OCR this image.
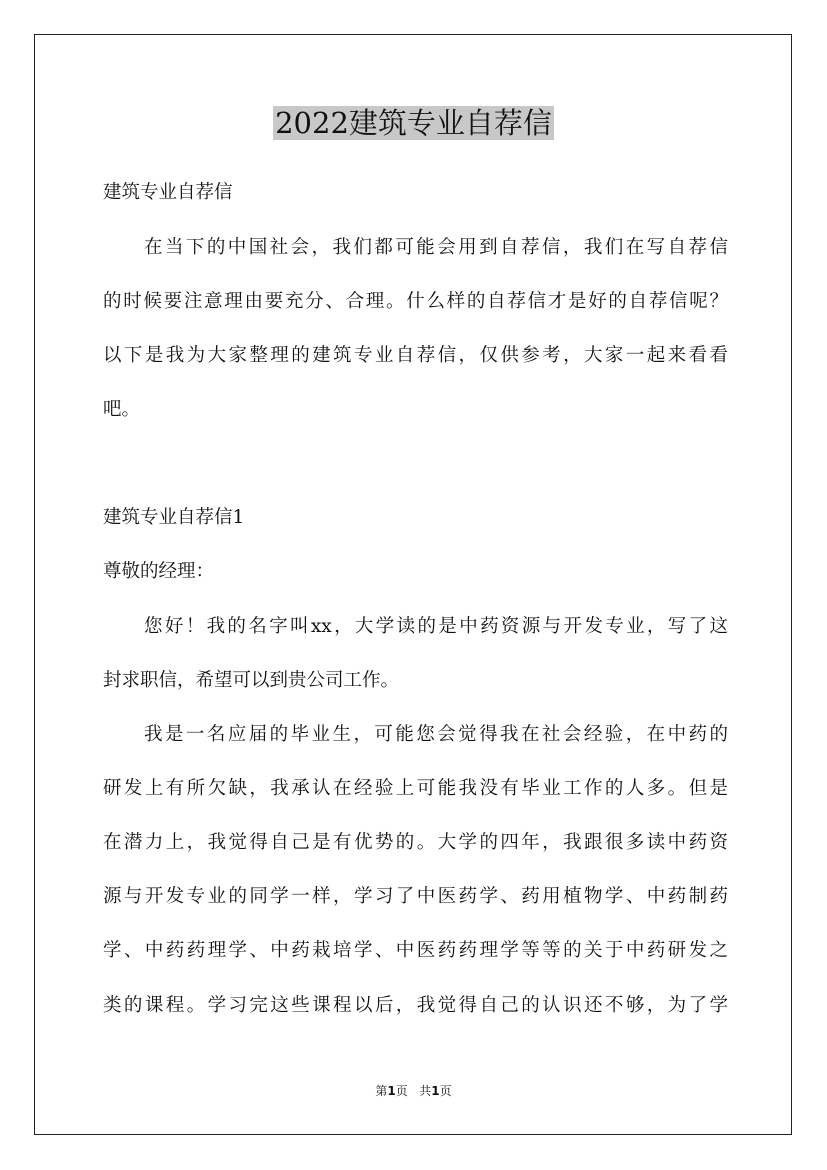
2022建筑专业自荐信

建筑专业自荐信

在当下的中国社会，我们都可能会用到自荐信，我们在写自荐信

的时候要注意理由要充分、合理。什么样的自荐信才是好的自荐信呢？

以下是我为大家整理的建筑专业自荐信，仅供参考，大家一起来看看

吧。

建筑专业自荐信1

尊敬的经理：

您好！我的名字叫xx，大学读的是中药资源与开发专业，写了这

封求职信，希望可以到贵公司工作。

我是一名应届的毕业生，可能您会觉得我在社会经验，在中药的

研发上有所欠缺，我承认在经验上可能我没有毕业工作的人多。但是

在潜力上，我觉得自己是有优势的。大学的四年，我跟很多读中药资

源与开发专业的同学一样，学习了中医药学、药用植物学、中药制药

学、中药药理学、中药栽培学、中医药药理学等等的关于中药研发之

类的课程。学习完这些课程以后，我觉得自己的认识还不够，为了学

第1页 共1页
